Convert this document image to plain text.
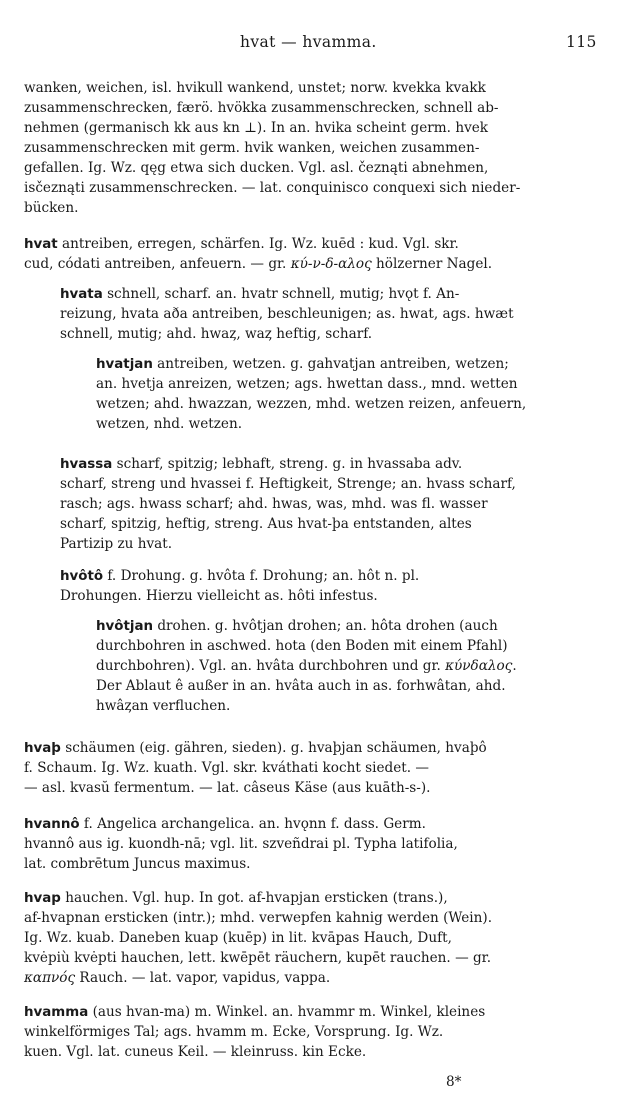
hvat — hvamma.	115
wanken, weichen, isl. hvikull wankend, unstet; norw. kvekka kvakk
zusammenschrecken, færö. hvökka zusammenschrecken, schnell ab-
nehmen (germanisch kk aus kn ⊥). In an. hvika scheint germ. hvek
zusammenschrecken mit germ. hvik wanken, weichen zusammen-
gefallen. Ig. Wz. qęg etwa sich ducken. Vgl. asl. čeznąti abnehmen,
isčeznąti zusammenschrecken. — lat. conquinisco conquexi sich nieder-
bücken.
hvat antreiben, erregen, schärfen. Ig. Wz. kuēd : kud. Vgl. skr.
cud, códati antreiben, anfeuern. — gr. κύ-ν-δ-αλος hölzerner Nagel.
hvata schnell, scharf. an. hvatr schnell, mutig; hvǫt f. An-
reizung, hvata aða antreiben, beschleunigen; as. hwat, ags. hwæt
schnell, mutig; ahd. hwaȥ, waȥ heftig, scharf.
hvatjan antreiben, wetzen. g. gahvatjan antreiben, wetzen;
an. hvetja anreizen, wetzen; ags. hwettan dass., mnd. wetten
wetzen; ahd. hwazzan, wezzen, mhd. wetzen reizen, anfeuern,
wetzen, nhd. wetzen.
hvassa scharf, spitzig; lebhaft, streng. g. in hvassaba adv.
scharf, streng und hvassei f. Heftigkeit, Strenge; an. hvass scharf,
rasch; ags. hwass scharf; ahd. hwas, was, mhd. was fl. wasser
scharf, spitzig, heftig, streng. Aus hvat-þa entstanden, altes
Partizip zu hvat.
hvôtô f. Drohung. g. hvôta f. Drohung; an. hôt n. pl.
Drohungen. Hierzu vielleicht as. hôti infestus.
hvôtjan drohen. g. hvôtjan drohen; an. hôta drohen (auch
durchbohren in aschwed. hota (den Boden mit einem Pfahl)
durchbohren). Vgl. an. hvâta durchbohren und gr. κύνδαλος.
Der Ablaut ê außer in an. hvâta auch in as. forhwâtan, ahd.
hwâȥan verfluchen.
hvaþ schäumen (eig. gähren, sieden). g. hvaþjan schäumen, hvaþô
f. Schaum. Ig. Wz. kuath. Vgl. skr. kváthati kocht siedet. —
— asl. kvasŭ fermentum. — lat. câseus Käse (aus kuāth-s-).
hvannô f. Angelica archangelica. an. hvǫnn f. dass. Germ.
hvannô aus ig. kuondh-nā; vgl. lit. szveñdrai pl. Typha latifolia,
lat. combrētum Juncus maximus.
hvap hauchen. Vgl. hup. In got. af-hvapjan ersticken (trans.),
af-hvapnan ersticken (intr.); mhd. verwepfen kahnig werden (Wein).
Ig. Wz. kuab. Daneben kuap (kuēp) in lit. kvāpas Hauch, Duft,
kvėpiù kvėpti hauchen, lett. kwēpēt räuchern, kupēt rauchen. — gr.
καπνός Rauch. — lat. vapor, vapidus, vappa.
hvamma (aus hvan-ma) m. Winkel. an. hvammr m. Winkel, kleines
winkelförmiges Tal; ags. hvamm m. Ecke, Vorsprung. Ig. Wz.
kuen. Vgl. lat. cuneus Keil. — kleinruss. kin Ecke.
8*
